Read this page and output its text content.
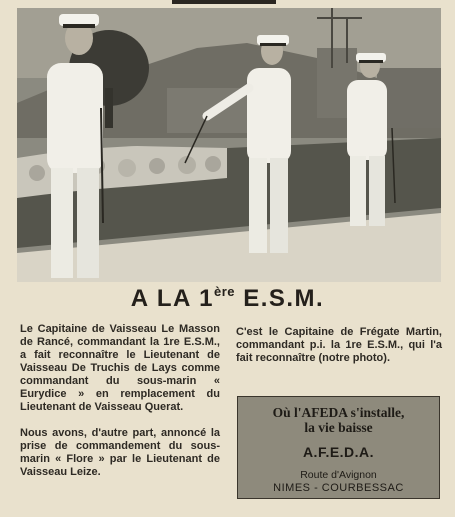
A LA 1ère E.S.M.

Le Capitaine de Vaisseau Le Masson de Rancé, commandant la 1re E.S.M., a fait reconnaître le Lieutenant de Vaisseau De Truchis de Lays comme commandant du sous-marin « Eurydice » en remplacement du Lieutenant de Vaisseau Querat.

Nous avons, d'autre part, annoncé la prise de commandement du sous-marin « Flore » par le Lieutenant de Vaisseau Leize.

C'est le Capitaine de Frégate Martin, commandant p.i. la 1re E.S.M., qui l'a fait reconnaître (notre photo).

Où l'AFEDA s'installe,
la vie baisse
A.F.E.D.A.
Route d'Avignon
NIMES - COURBESSAC
